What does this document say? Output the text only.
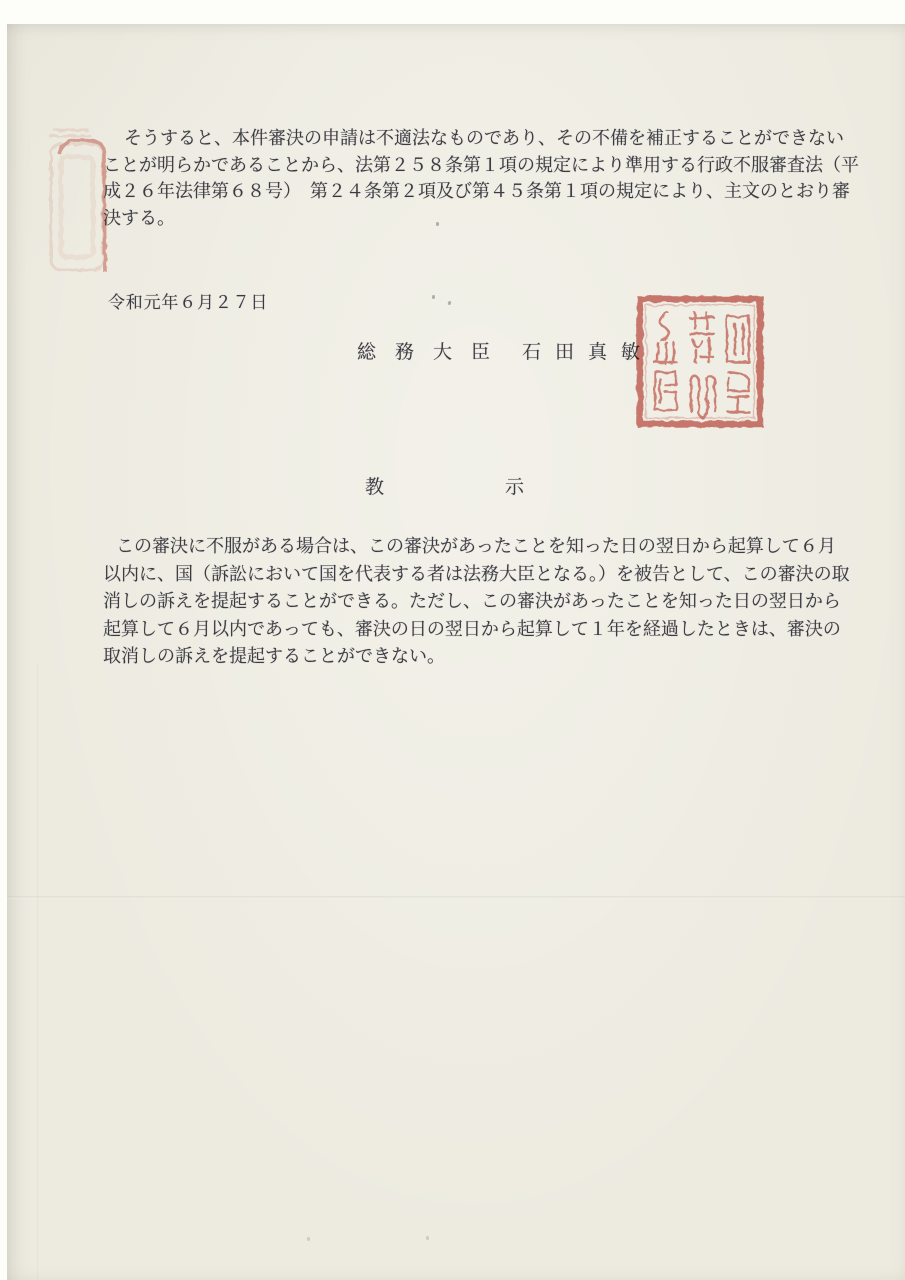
そうすると、本件審決の申請は不適法なものであり、その不備を補正することができない
ことが明らかであることから、法第２５８条第１項の規定により準用する行政不服審査法（平
成２６年法律第６８号）　第２４条第２項及び第４５条第１項の規定により、主文のとおり審
決する。
令和元年６月２７日
総務大臣 石田真敏
教示
この審決に不服がある場合は、この審決があったことを知った日の翌日から起算して６月
以内に、国（訴訟において国を代表する者は法務大臣となる。）を被告として、この審決の取
消しの訴えを提起することができる。ただし、この審決があったことを知った日の翌日から
起算して６月以内であっても、審決の日の翌日から起算して１年を経過したときは、審決の
取消しの訴えを提起することができない。
